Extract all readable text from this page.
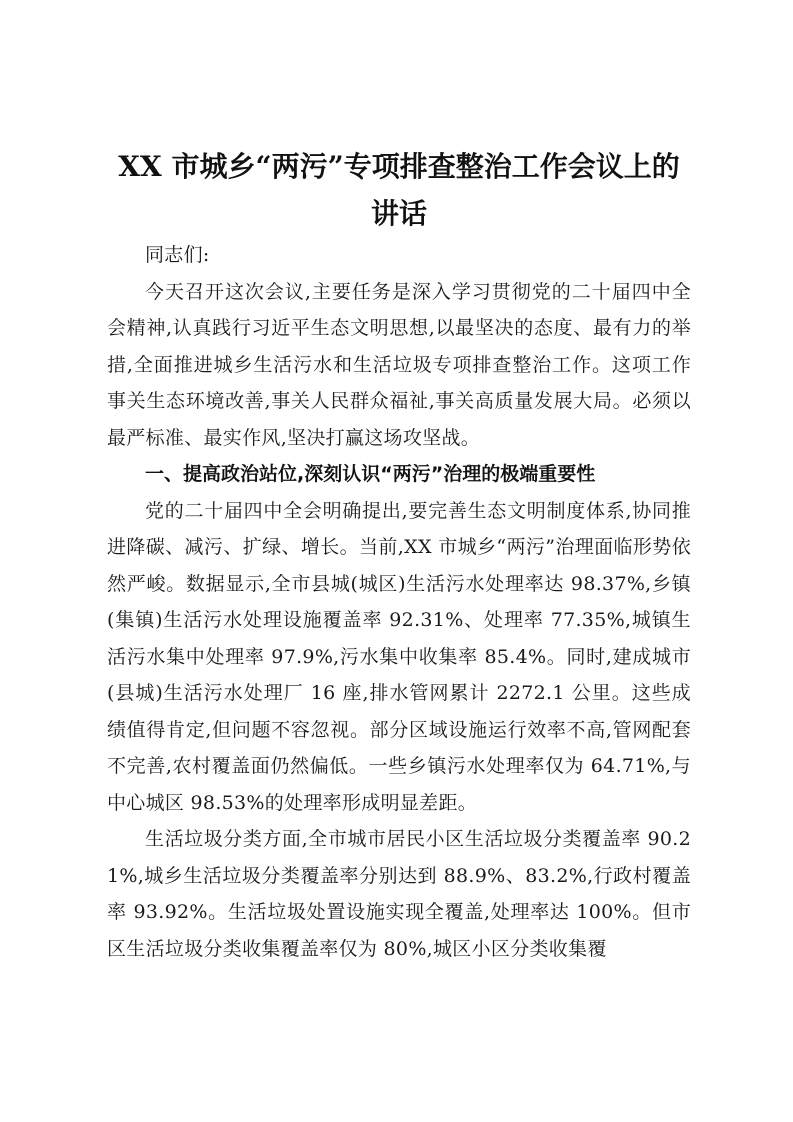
XX 市城乡“两污”专项排查整治工作会议上的讲话

同志们:

今天召开这次会议,主要任务是深入学习贯彻党的二十届四中全会精神,认真践行习近平生态文明思想,以最坚决的态度、最有力的举措,全面推进城乡生活污水和生活垃圾专项排查整治工作。这项工作事关生态环境改善,事关人民群众福祉,事关高质量发展大局。必须以最严标准、最实作风,坚决打赢这场攻坚战。

一、提高政治站位,深刻认识“两污”治理的极端重要性

党的二十届四中全会明确提出,要完善生态文明制度体系,协同推进降碳、减污、扩绿、增长。当前,XX 市城乡“两污”治理面临形势依然严峻。数据显示,全市县城(城区)生活污水处理率达 98.37%,乡镇(集镇)生活污水处理设施覆盖率 92.31%、处理率 77.35%,城镇生活污水集中处理率 97.9%,污水集中收集率 85.4%。同时,建成城市(县城)生活污水处理厂 16 座,排水管网累计 2272.1 公里。这些成绩值得肯定,但问题不容忽视。部分区域设施运行效率不高,管网配套不完善,农村覆盖面仍然偏低。一些乡镇污水处理率仅为 64.71%,与中心城区 98.53%的处理率形成明显差距。

生活垃圾分类方面,全市城市居民小区生活垃圾分类覆盖率 90.21%,城乡生活垃圾分类覆盖率分别达到 88.9%、83.2%,行政村覆盖率 93.92%。生活垃圾处置设施实现全覆盖,处理率达 100%。但市区生活垃圾分类收集覆盖率仅为 80%,城区小区分类收集覆
